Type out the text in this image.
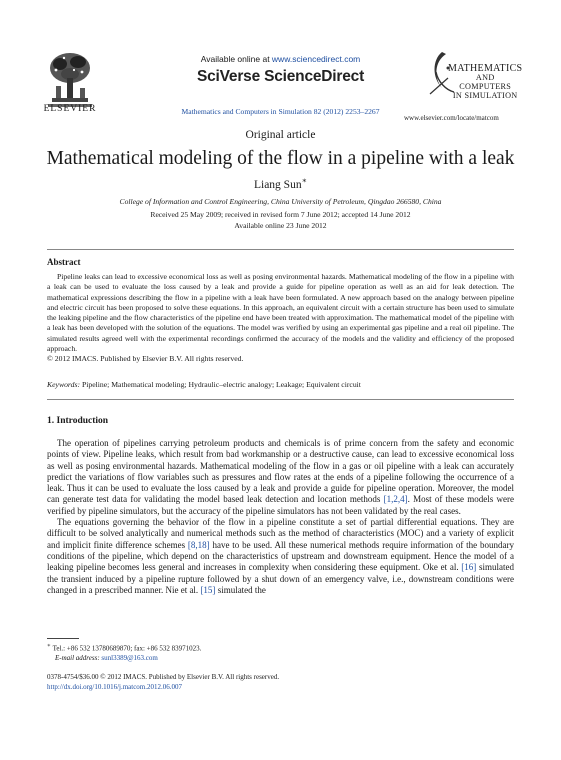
Available online at www.sciencedirect.com
SciVerse ScienceDirect
Mathematics and Computers in Simulation 82 (2012) 2253–2267
ELSEVIER
MATHEMATICS
AND
COMPUTERS
IN SIMULATION
www.elsevier.com/locate/matcom
Original article
Mathematical modeling of the flow in a pipeline with a leak
Liang Sun∗
College of Information and Control Engineering, China University of Petroleum, Qingdao 266580, China
Received 25 May 2009; received in revised form 7 June 2012; accepted 14 June 2012
Available online 23 June 2012
Abstract

Pipeline leaks can lead to excessive economical loss as well as posing environmental hazards. Mathematical modeling of the flow in a pipeline with a leak can be used to evaluate the loss caused by a leak and provide a guide for pipeline operation as well as an aid for leak detection. The mathematical expressions describing the flow in a pipeline with a leak have been formulated. A new approach based on the analogy between pipeline and electric circuit has been proposed to solve these equations. In this approach, an equivalent circuit with a certain structure has been used to simulate the leaking pipeline and the flow characteristics of the pipeline end have been treated with approximation. The mathematical model of the pipeline with a leak has been developed with the solution of the equations. The model was verified by using an experimental gas pipeline and a real oil pipeline. The simulated results agreed well with the experimental recordings confirmed the accuracy of the models and the validity and efficiency of the proposed approach.

© 2012 IMACS. Published by Elsevier B.V. All rights reserved.
Keywords: Pipeline; Mathematical modeling; Hydraulic–electric analogy; Leakage; Equivalent circuit
1. Introduction

The operation of pipelines carrying petroleum products and chemicals is of prime concern from the safety and economic points of view. Pipeline leaks, which result from bad workmanship or a destructive cause, can lead to excessive economical loss as well as posing environmental hazards. Mathematical modeling of the flow in a gas or oil pipeline with a leak can accurately predict the variations of flow variables such as pressures and flow rates at the ends of a pipeline following the occurrence of a leak. Thus it can be used to evaluate the loss caused by a leak and provide a guide for pipeline operation. Moreover, the model can generate test data for validating the model based leak detection and location methods [1,2,4]. Most of these models were verified by pipeline simulators, but the accuracy of the pipeline simulators has not been validated by the real cases.

The equations governing the behavior of the flow in a pipeline constitute a set of partial differential equations. They are difficult to be solved analytically and numerical methods such as the method of characteristics (MOC) and a variety of explicit and implicit finite difference schemes [8,18] have to be used. All these numerical methods require information of the boundary conditions of the pipeline, which depend on the characteristics of upstream and downstream equipment. Hence the model of a leaking pipeline becomes less general and increases in complexity when considering these equipment. Oke et al. [16] simulated the transient induced by a pipeline rupture followed by a shut down of an emergency valve, i.e., downstream conditions were changed in a prescribed manner. Nie et al. [15] simulated the

∗ Tel.: +86 532 13780689870; fax: +86 532 83971023.
E-mail address: sunl3389@163.com
0378-4754/$36.00 © 2012 IMACS. Published by Elsevier B.V. All rights reserved.
http://dx.doi.org/10.1016/j.matcom.2012.06.007
